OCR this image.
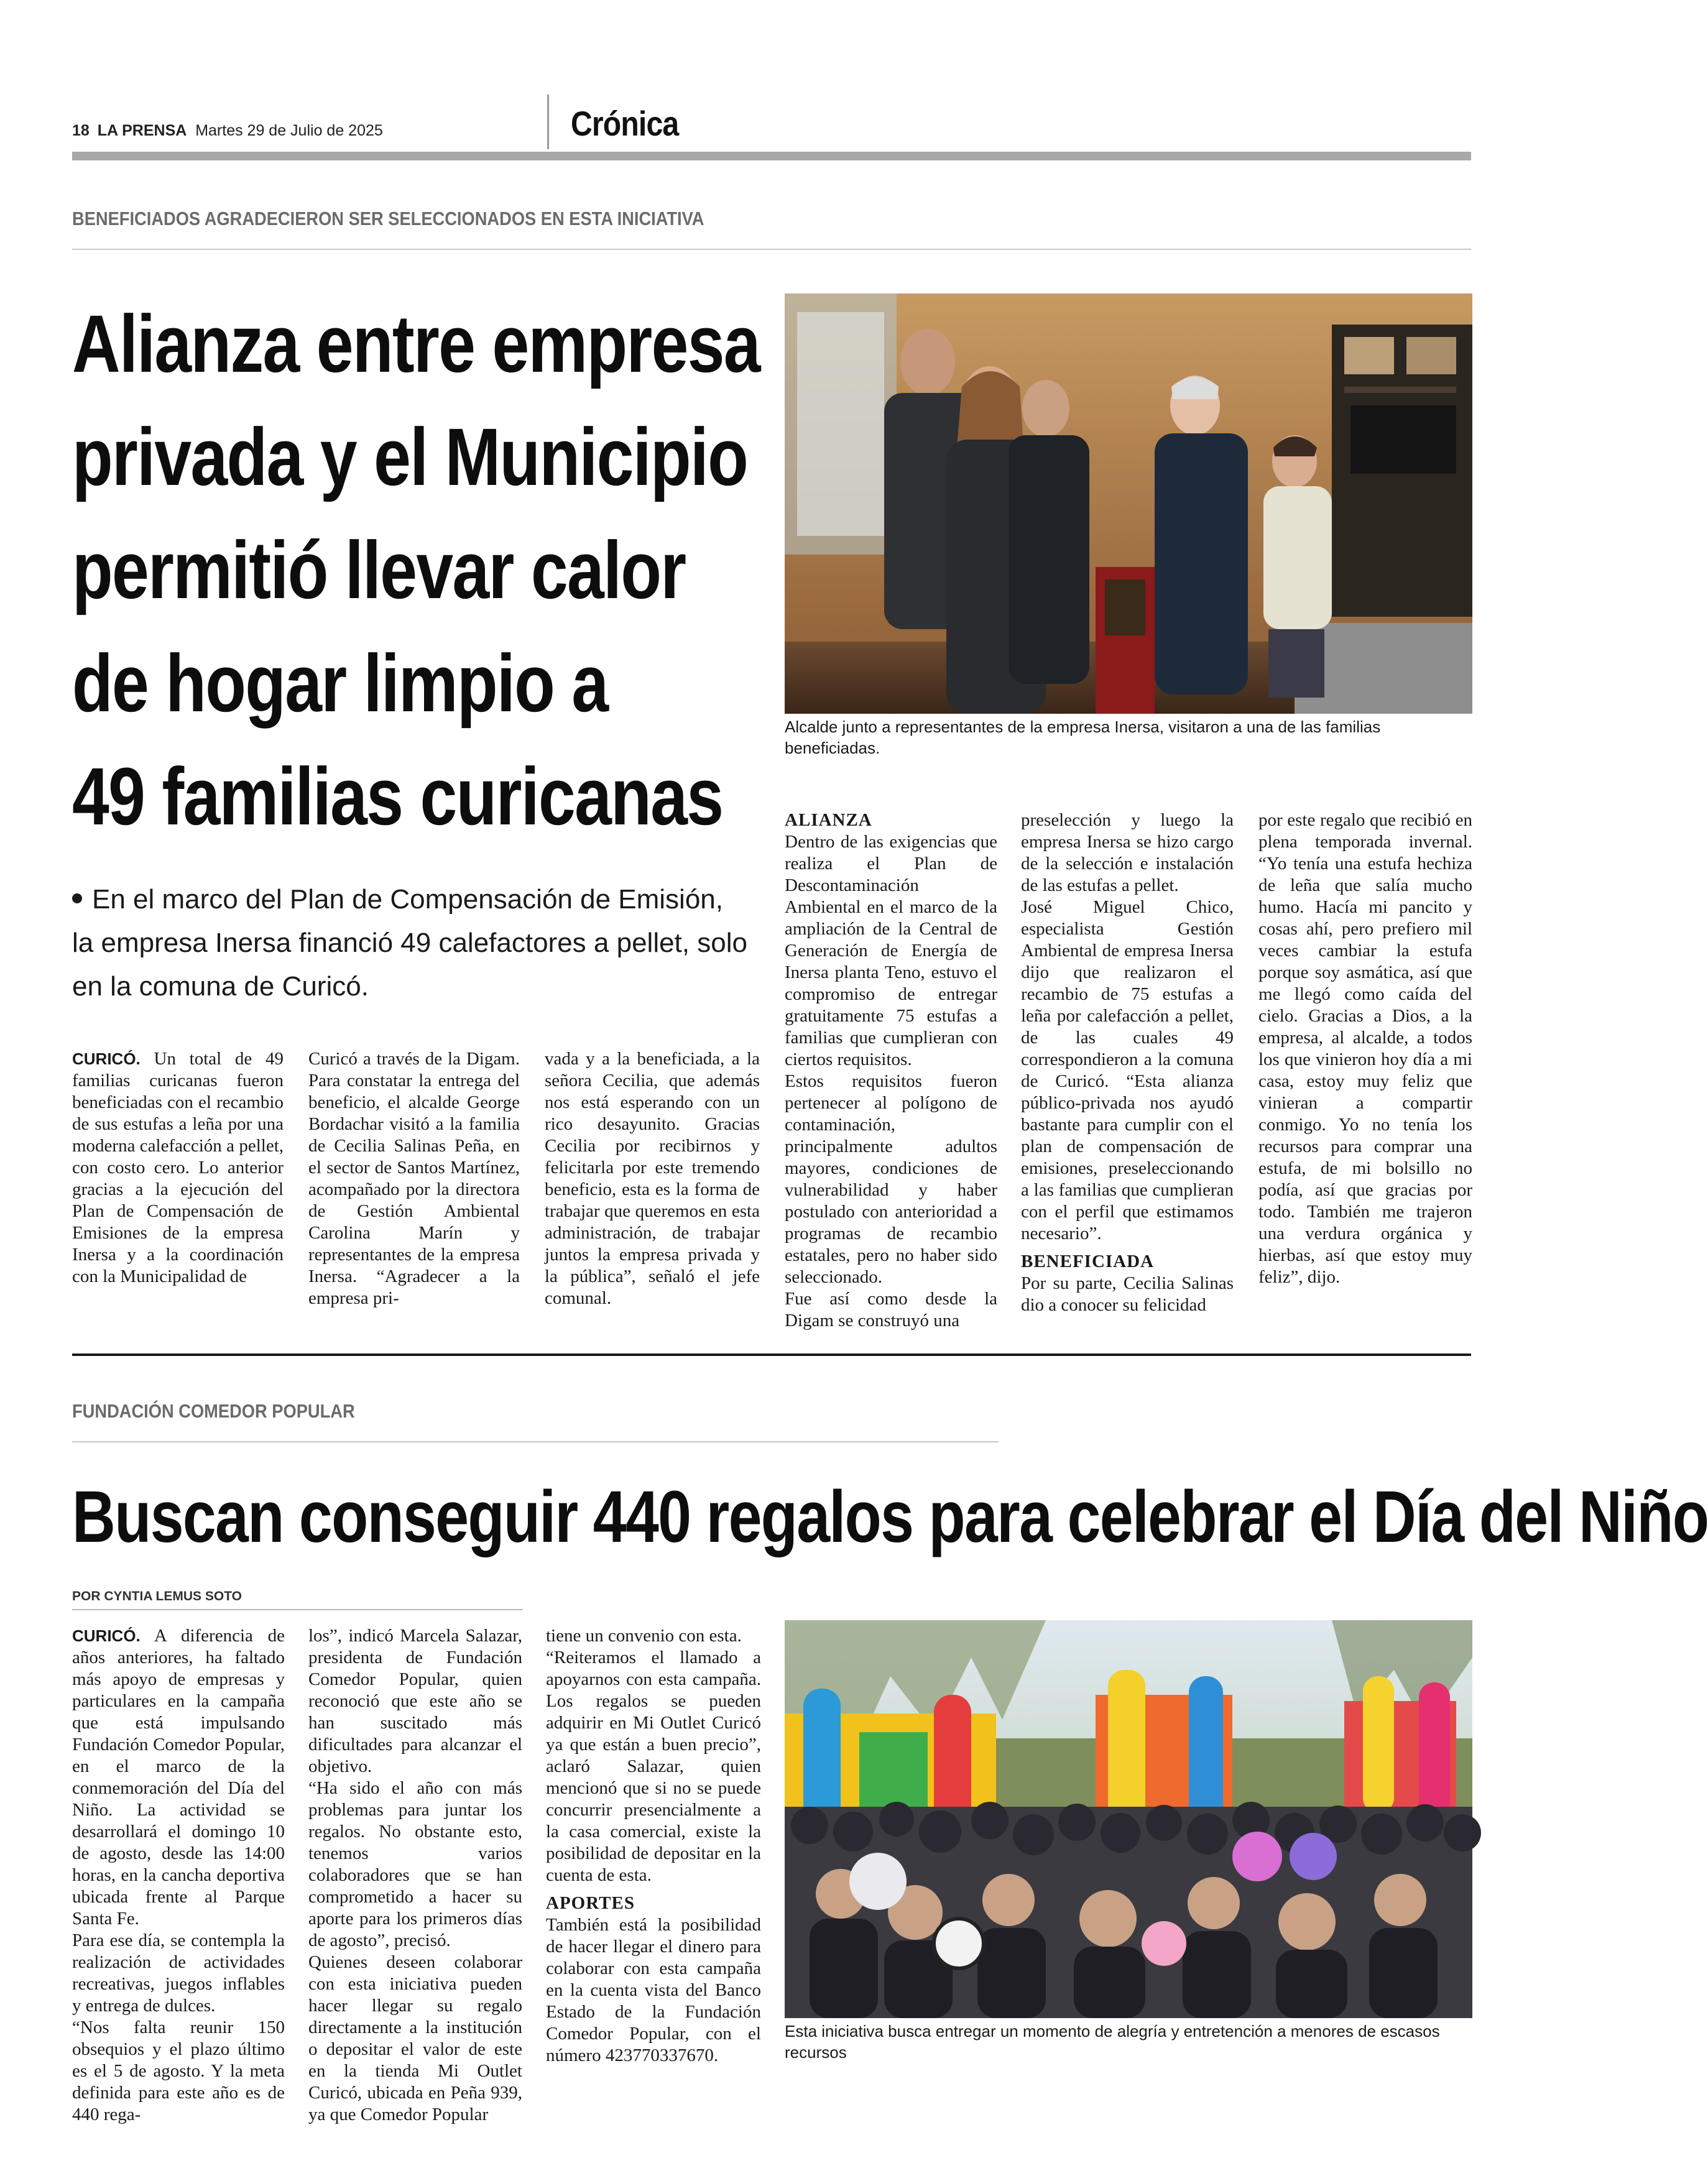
18 LA PRENSA Martes 29 de Julio de 2025	Crónica
BENEFICIADOS AGRADECIERON SER SELECCIONADOS EN ESTA INICIATIVA
Alianza entre empresa
privada y el Municipio
permitió llevar calor
de hogar limpio a
49 familias curicanas
En el marco del Plan de Compensación de Emisión, la empresa Inersa financió 49 calefactores a pellet, solo en la comuna de Curicó.
Alcalde junto a representantes de la empresa Inersa, visitaron a una de las familias beneficiadas.

CURICÓ. Un total de 49 familias curicanas fueron beneficiadas con el recambio de sus estufas a leña por una moderna calefacción a pellet, con costo cero. Lo anterior gracias a la ejecución del Plan de Compensación de Emisiones de la empresa Inersa y a la coordinación con la Municipalidad de

Curicó a través de la Digam. Para constatar la entrega del beneficio, el alcalde George Bordachar visitó a la familia de Cecilia Salinas Peña, en el sector de Santos Martínez, acompañado por la directora de Gestión Ambiental Carolina Marín y representantes de la empresa Inersa. “Agradecer a la empresa pri-

vada y a la beneficiada, a la señora Cecilia, que además nos está esperando con un rico desayunito. Gracias Cecilia por recibirnos y felicitarla por este tremendo beneficio, esta es la forma de trabajar que queremos en esta administración, de trabajar juntos la empresa privada y la pública”, señaló el jefe comunal.

ALIANZA

Dentro de las exigencias que realiza el Plan de Descontaminación Ambiental en el marco de la ampliación de la Central de Generación de Energía de Inersa planta Teno, estuvo el compromiso de entregar gratuitamente 75 estufas a familias que cumplieran con ciertos requisitos.

Estos requisitos fueron pertenecer al polígono de contaminación, principalmente adultos mayores, condiciones de vulnerabilidad y haber postulado con anterioridad a programas de recambio estatales, pero no haber sido seleccionado.

Fue así como desde la Digam se construyó una

preselección y luego la empresa Inersa se hizo cargo de la selección e instalación de las estufas a pellet.

José Miguel Chico, especialista Gestión Ambiental de empresa Inersa dijo que realizaron el recambio de 75 estufas a leña por calefacción a pellet, de las cuales 49 correspondieron a la comuna de Curicó. “Esta alianza público-privada nos ayudó bastante para cumplir con el plan de compensación de emisiones, preseleccionando a las familias que cumplieran con el perfil que estimamos necesario”.

BENEFICIADA

Por su parte, Cecilia Salinas dio a conocer su felicidad

por este regalo que recibió en plena temporada invernal. “Yo tenía una estufa hechiza de leña que salía mucho humo. Hacía mi pancito y cosas ahí, pero prefiero mil veces cambiar la estufa porque soy asmática, así que me llegó como caída del cielo. Gracias a Dios, a la empresa, al alcalde, a todos los que vinieron hoy día a mi casa, estoy muy feliz que vinieran a compartir conmigo. Yo no tenía los recursos para comprar una estufa, de mi bolsillo no podía, así que gracias por todo. También me trajeron una verdura orgánica y hierbas, así que estoy muy feliz”, dijo.

FUNDACIÓN COMEDOR POPULAR
Buscan conseguir 440 regalos para celebrar el Día del Niño
POR CYNTIA LEMUS SOTO

CURICÓ. A diferencia de años anteriores, ha faltado más apoyo de empresas y particulares en la campaña que está impulsando Fundación Comedor Popular, en el marco de la conmemoración del Día del Niño. La actividad se desarrollará el domingo 10 de agosto, desde las 14:00 horas, en la cancha deportiva ubicada frente al Parque Santa Fe.

Para ese día, se contempla la realización de actividades recreativas, juegos inflables y entrega de dulces.

“Nos falta reunir 150 obsequios y el plazo último es el 5 de agosto. Y la meta definida para este año es de 440 rega-

los”, indicó Marcela Salazar, presidenta de Fundación Comedor Popular, quien reconoció que este año se han suscitado más dificultades para alcanzar el objetivo.

“Ha sido el año con más problemas para juntar los regalos. No obstante esto, tenemos varios colaboradores que se han comprometido a hacer su aporte para los primeros días de agosto”, precisó.

Quienes deseen colaborar con esta iniciativa pueden hacer llegar su regalo directamente a la institución o depositar el valor de este en la tienda Mi Outlet Curicó, ubicada en Peña 939, ya que Comedor Popular

tiene un convenio con esta.

“Reiteramos el llamado a apoyarnos con esta campaña. Los regalos se pueden adquirir en Mi Outlet Curicó ya que están a buen precio”, aclaró Salazar, quien mencionó que si no se puede concurrir presencialmente a la casa comercial, existe la posibilidad de depositar en la cuenta de esta.

APORTES

También está la posibilidad de hacer llegar el dinero para colaborar con esta campaña en la cuenta vista del Banco Estado de la Fundación Comedor Popular, con el número 423770337670.

Esta iniciativa busca entregar un momento de alegría y entretención a menores de escasos recursos
